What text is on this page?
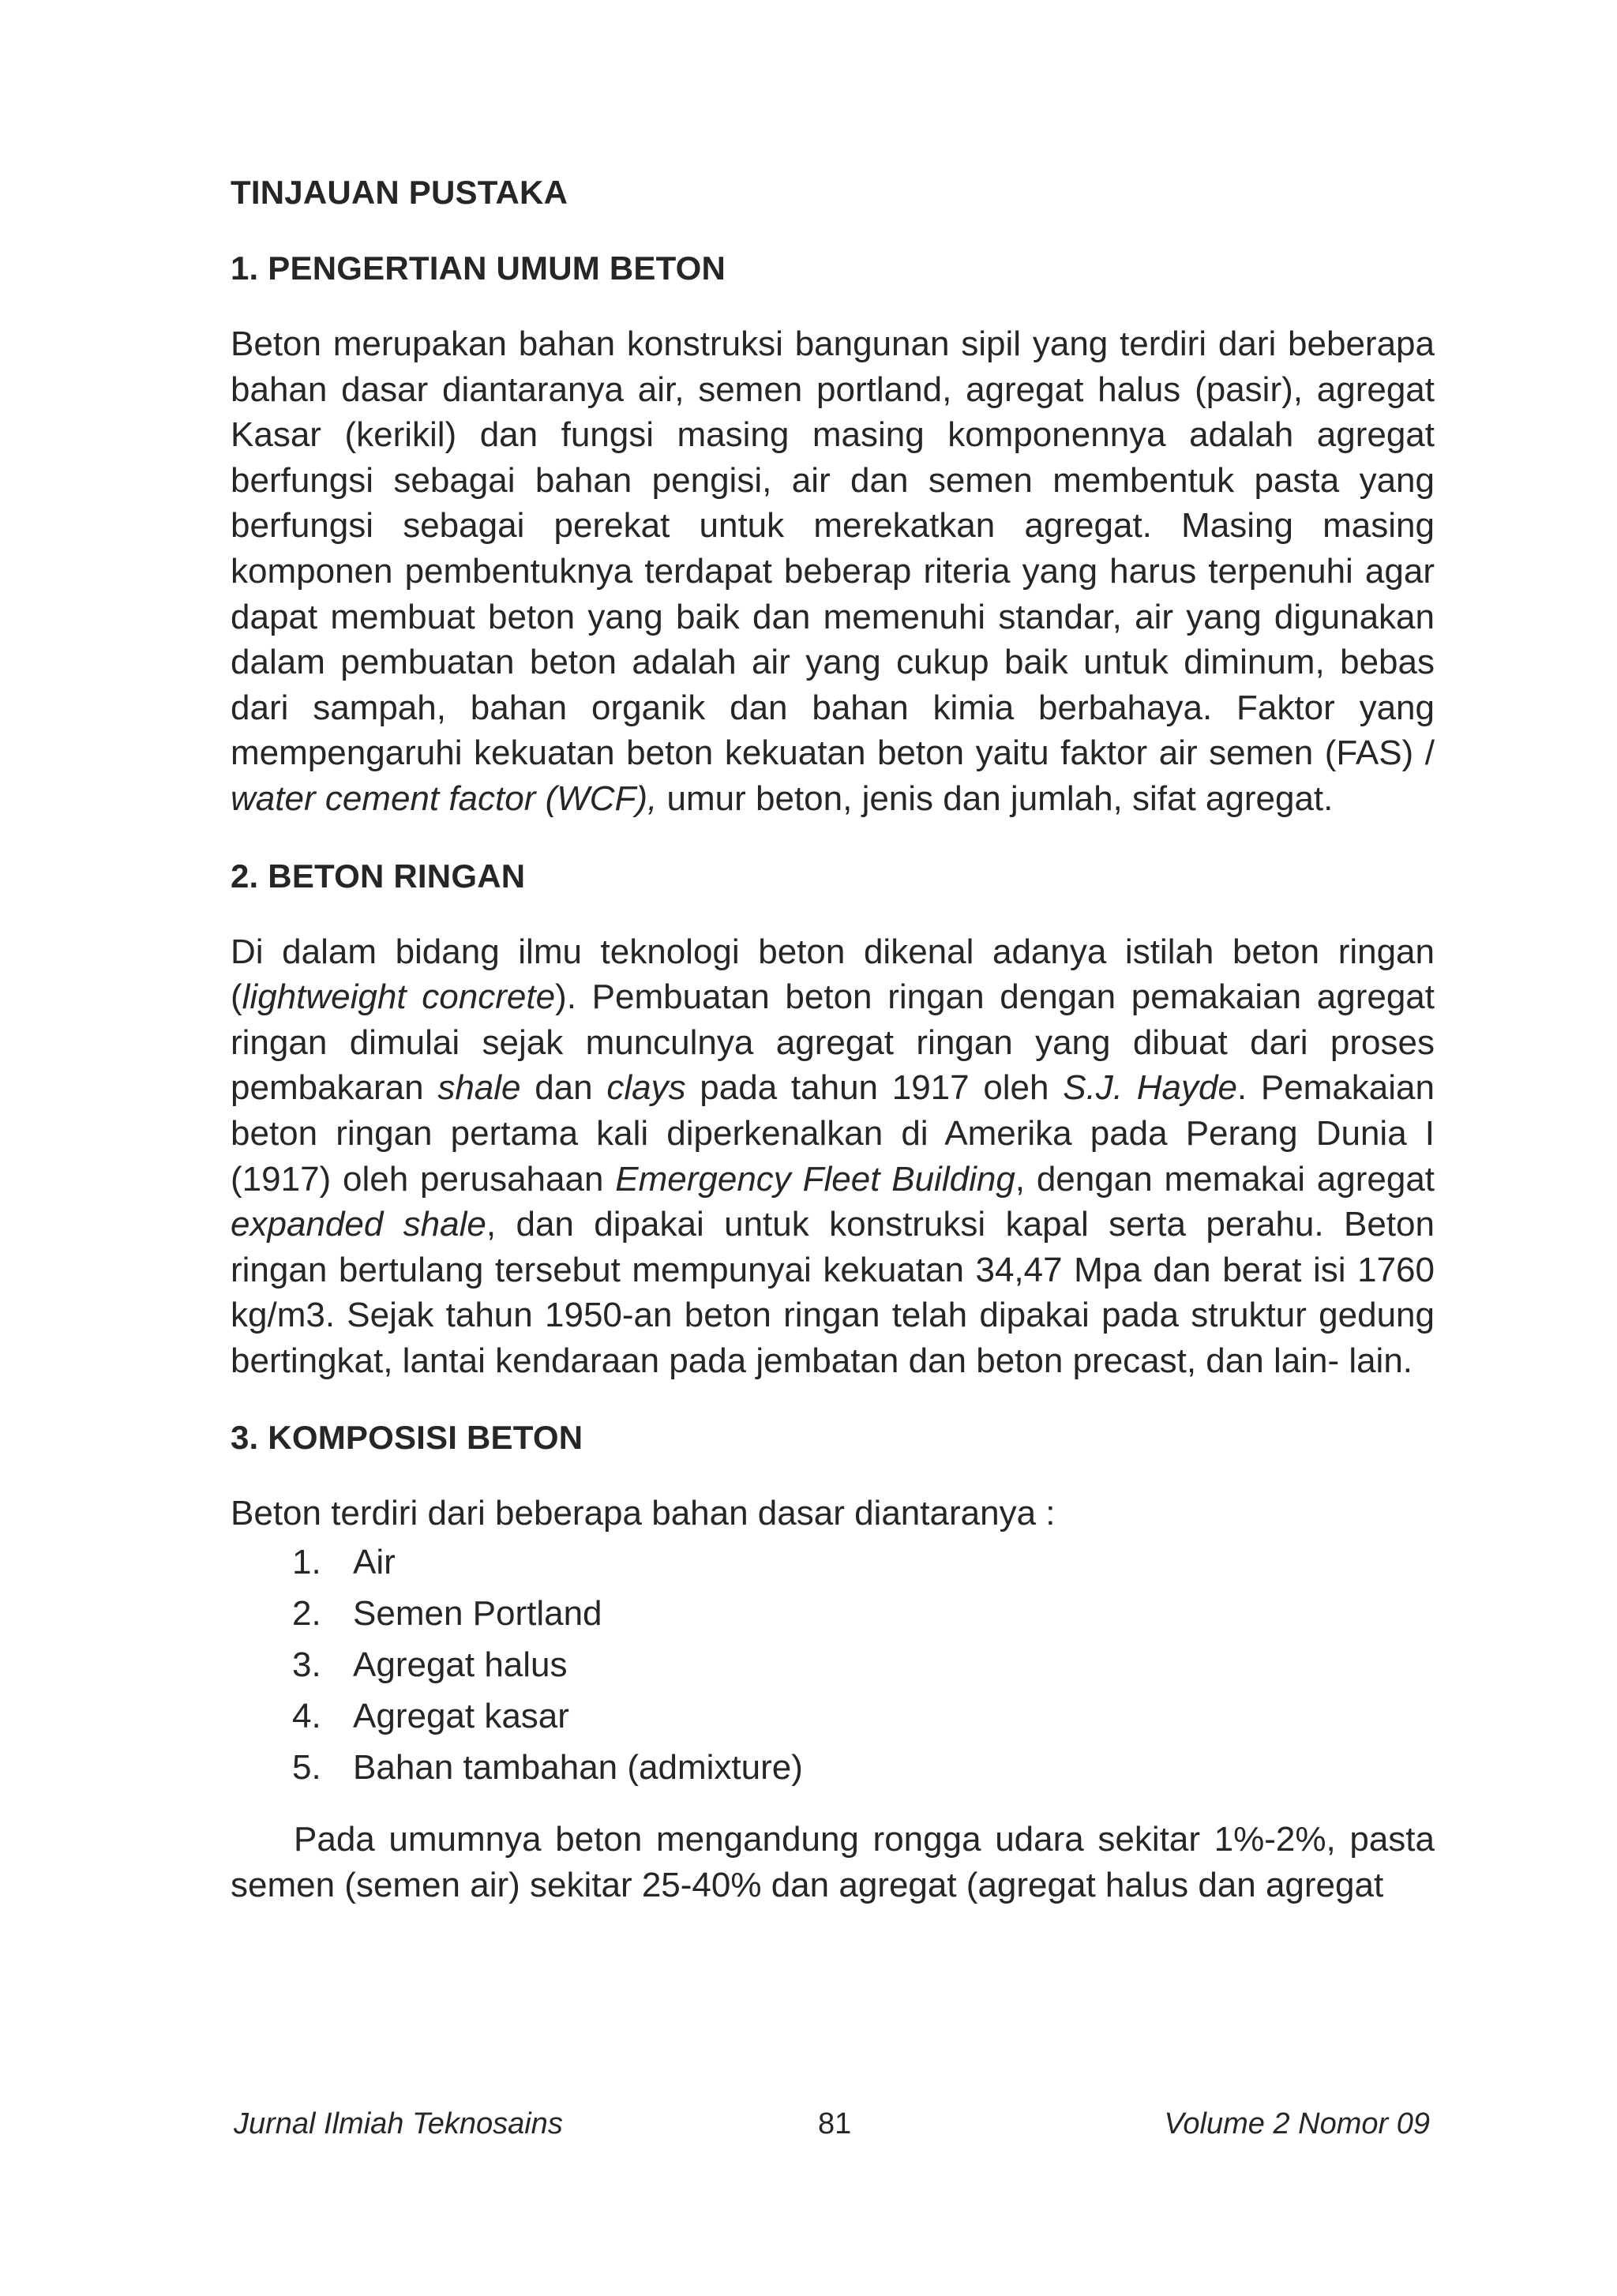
TINJAUAN PUSTAKA
1. PENGERTIAN UMUM BETON

Beton merupakan bahan konstruksi bangunan sipil yang terdiri dari beberapa bahan dasar diantaranya air, semen portland, agregat halus (pasir), agregat Kasar (kerikil) dan fungsi masing masing komponennya adalah agregat berfungsi sebagai bahan pengisi, air dan semen membentuk pasta yang berfungsi sebagai perekat untuk merekatkan agregat. Masing masing komponen pembentuknya terdapat beberap riteria yang harus terpenuhi agar dapat membuat beton yang baik dan memenuhi standar, air yang digunakan dalam pembuatan beton adalah air yang cukup baik untuk diminum, bebas dari sampah, bahan organik dan bahan kimia berbahaya. Faktor yang mempengaruhi kekuatan beton kekuatan beton yaitu faktor air semen (FAS) / water cement factor (WCF), umur beton, jenis dan jumlah, sifat agregat.

2. BETON RINGAN

Di dalam bidang ilmu teknologi beton dikenal adanya istilah beton ringan (lightweight concrete). Pembuatan beton ringan dengan pemakaian agregat ringan dimulai sejak munculnya agregat ringan yang dibuat dari proses pembakaran shale dan clays pada tahun 1917 oleh S.J. Hayde. Pemakaian beton ringan pertama kali diperkenalkan di Amerika pada Perang Dunia I (1917) oleh perusahaan Emergency Fleet Building, dengan memakai agregat expanded shale, dan dipakai untuk konstruksi kapal serta perahu. Beton ringan bertulang tersebut mempunyai kekuatan 34,47 Mpa dan berat isi 1760 kg/m3. Sejak tahun 1950-an beton ringan telah dipakai pada struktur gedung bertingkat, lantai kendaraan pada jembatan dan beton precast, dan lain- lain.

3. KOMPOSISI BETON

Beton terdiri dari beberapa bahan dasar diantaranya :

1. Air
2. Semen Portland
3. Agregat halus
4. Agregat kasar
5. Bahan tambahan (admixture)

Pada umumnya beton mengandung rongga udara sekitar 1%-2%, pasta semen (semen air) sekitar 25-40% dan agregat (agregat halus dan agregat

Jurnal Ilmiah Teknosains	81	Volume 2 Nomor 09
